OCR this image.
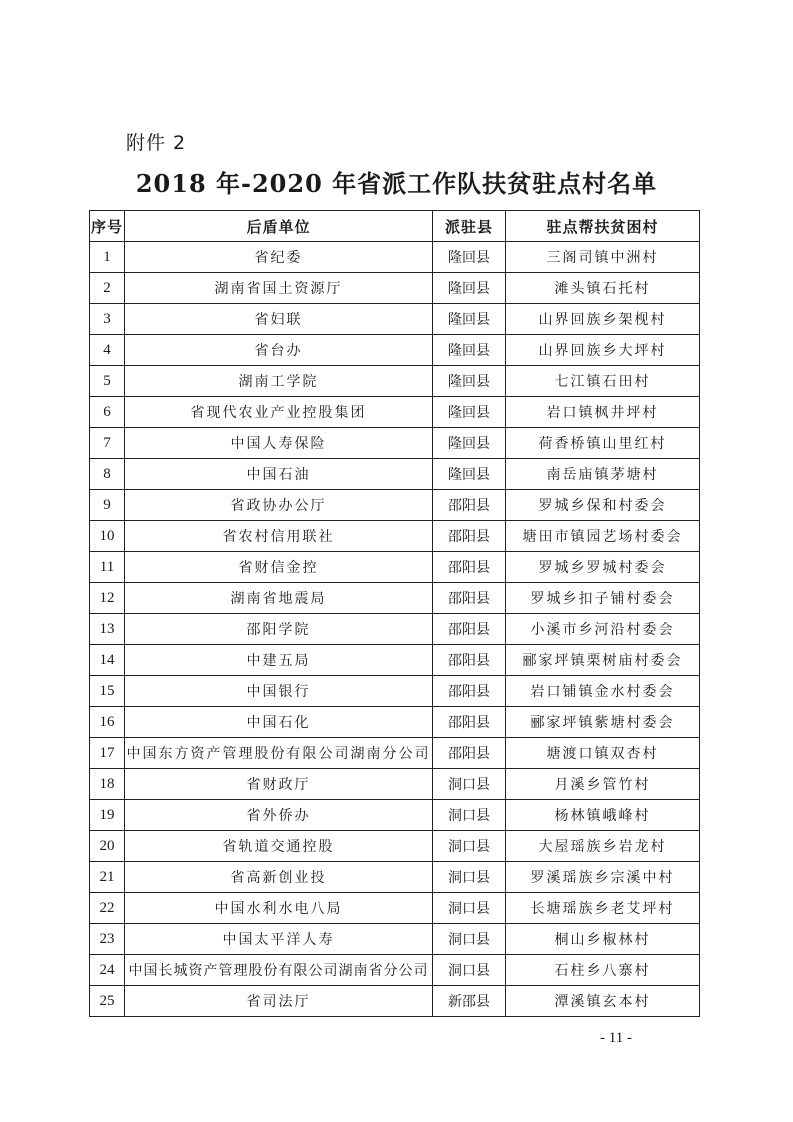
附件 2
2018 年-2020 年省派工作队扶贫驻点村名单
序号	后盾单位	派驻县	驻点帮扶贫困村
1	省纪委	隆回县	三阁司镇中洲村
2	湖南省国土资源厅	隆回县	滩头镇石托村
3	省妇联	隆回县	山界回族乡架枧村
4	省台办	隆回县	山界回族乡大坪村
5	湖南工学院	隆回县	七江镇石田村
6	省现代农业产业控股集团	隆回县	岩口镇枫井坪村
7	中国人寿保险	隆回县	荷香桥镇山里红村
8	中国石油	隆回县	南岳庙镇茅塘村
9	省政协办公厅	邵阳县	罗城乡保和村委会
10	省农村信用联社	邵阳县	塘田市镇园艺场村委会
11	省财信金控	邵阳县	罗城乡罗城村委会
12	湖南省地震局	邵阳县	罗城乡扣子铺村委会
13	邵阳学院	邵阳县	小溪市乡河沿村委会
14	中建五局	邵阳县	郦家坪镇栗树庙村委会
15	中国银行	邵阳县	岩口铺镇金水村委会
16	中国石化	邵阳县	郦家坪镇紫塘村委会
17	中国东方资产管理股份有限公司湖南分公司	邵阳县	塘渡口镇双杏村
18	省财政厅	洞口县	月溪乡管竹村
19	省外侨办	洞口县	杨林镇峨峰村
20	省轨道交通控股	洞口县	大屋瑶族乡岩龙村
21	省高新创业投	洞口县	罗溪瑶族乡宗溪中村
22	中国水利水电八局	洞口县	长塘瑶族乡老艾坪村
23	中国太平洋人寿	洞口县	桐山乡椒林村
24	中国长城资产管理股份有限公司湖南省分公司	洞口县	石柱乡八寨村
25	省司法厅	新邵县	潭溪镇玄本村
- 11 -
